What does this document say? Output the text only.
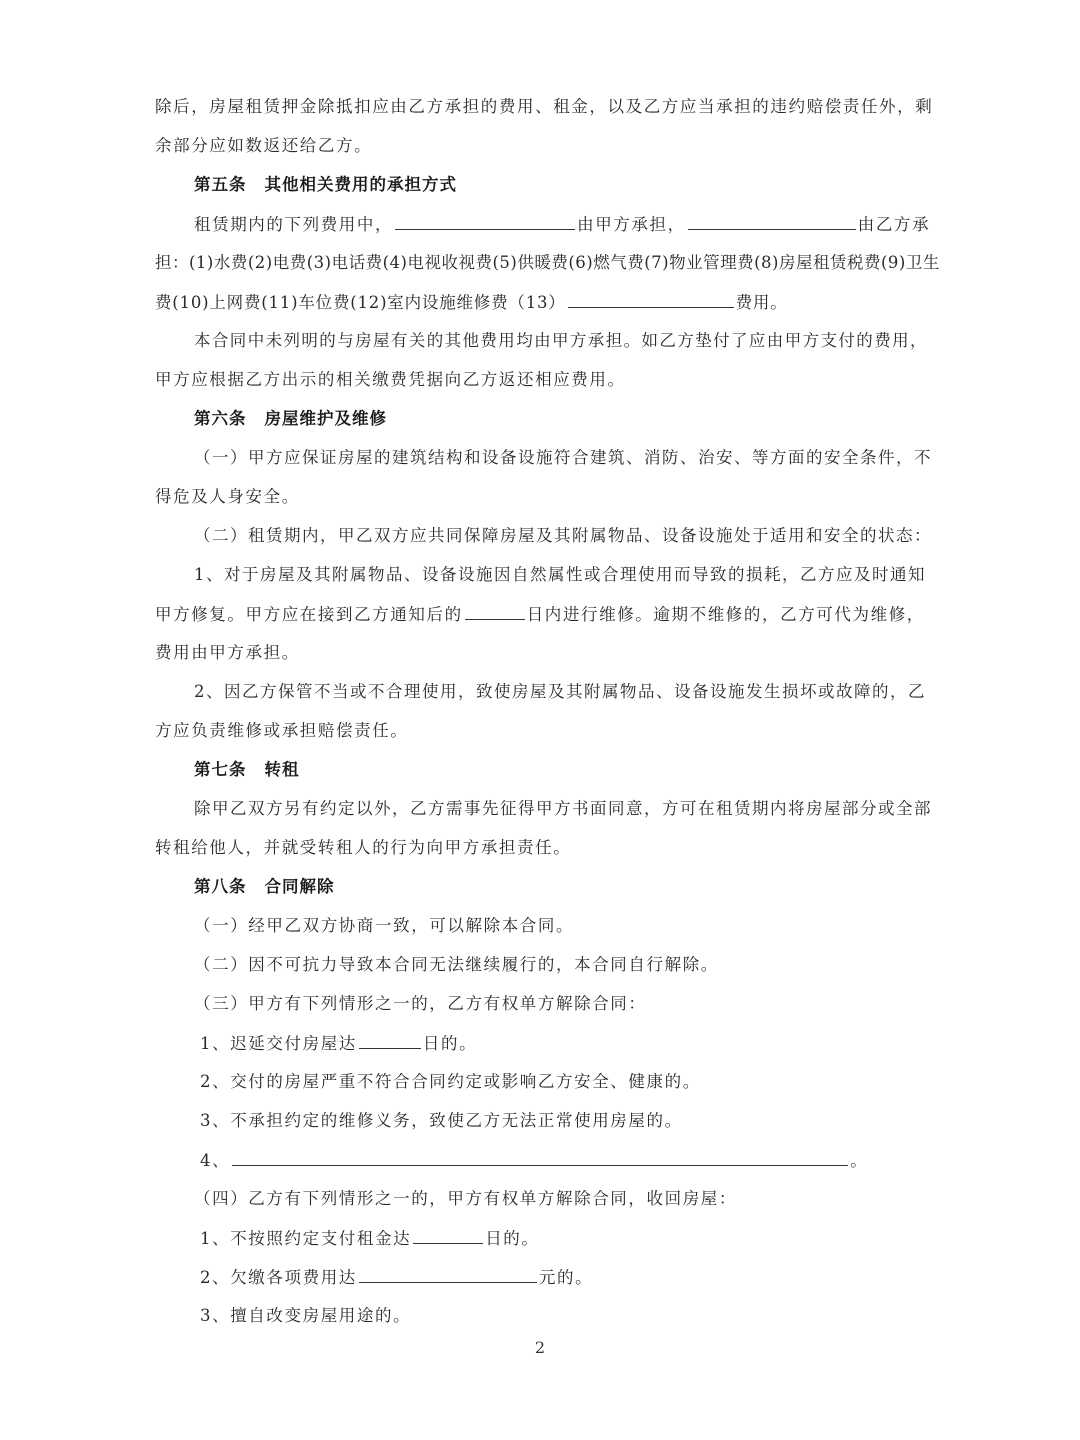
除后，房屋租赁押金除抵扣应由乙方承担的费用、租金，以及乙方应当承担的违约赔偿责任外，剩
余部分应如数返还给乙方。
第五条 其他相关费用的承担方式
租赁期内的下列费用中，	由甲方承担，	由乙方承
担：(1)水费(2)电费(3)电话费(4)电视收视费(5)供暖费(6)燃气费(7)物业管理费(8)房屋租赁税费(9)卫生
费(10)上网费(11)车位费(12)室内设施维修费（13）	费用。
本合同中未列明的与房屋有关的其他费用均由甲方承担。如乙方垫付了应由甲方支付的费用，
甲方应根据乙方出示的相关缴费凭据向乙方返还相应费用。
第六条 房屋维护及维修
（一）甲方应保证房屋的建筑结构和设备设施符合建筑、消防、治安、等方面的安全条件，不
得危及人身安全。
（二）租赁期内，甲乙双方应共同保障房屋及其附属物品、设备设施处于适用和安全的状态：
1、对于房屋及其附属物品、设备设施因自然属性或合理使用而导致的损耗，乙方应及时通知
甲方修复。甲方应在接到乙方通知后的	日内进行维修。逾期不维修的，乙方可代为维修，
费用由甲方承担。
2、因乙方保管不当或不合理使用，致使房屋及其附属物品、设备设施发生损坏或故障的，乙
方应负责维修或承担赔偿责任。
第七条 转租
除甲乙双方另有约定以外，乙方需事先征得甲方书面同意，方可在租赁期内将房屋部分或全部
转租给他人，并就受转租人的行为向甲方承担责任。
第八条 合同解除
（一）经甲乙双方协商一致，可以解除本合同。
（二）因不可抗力导致本合同无法继续履行的，本合同自行解除。
（三）甲方有下列情形之一的，乙方有权单方解除合同：
1、迟延交付房屋达	日的。
2、交付的房屋严重不符合合同约定或影响乙方安全、健康的。
3、不承担约定的维修义务，致使乙方无法正常使用房屋的。
4、	。
（四）乙方有下列情形之一的，甲方有权单方解除合同，收回房屋：
1、不按照约定支付租金达	日的。
2、欠缴各项费用达	元的。
3、擅自改变房屋用途的。
2
